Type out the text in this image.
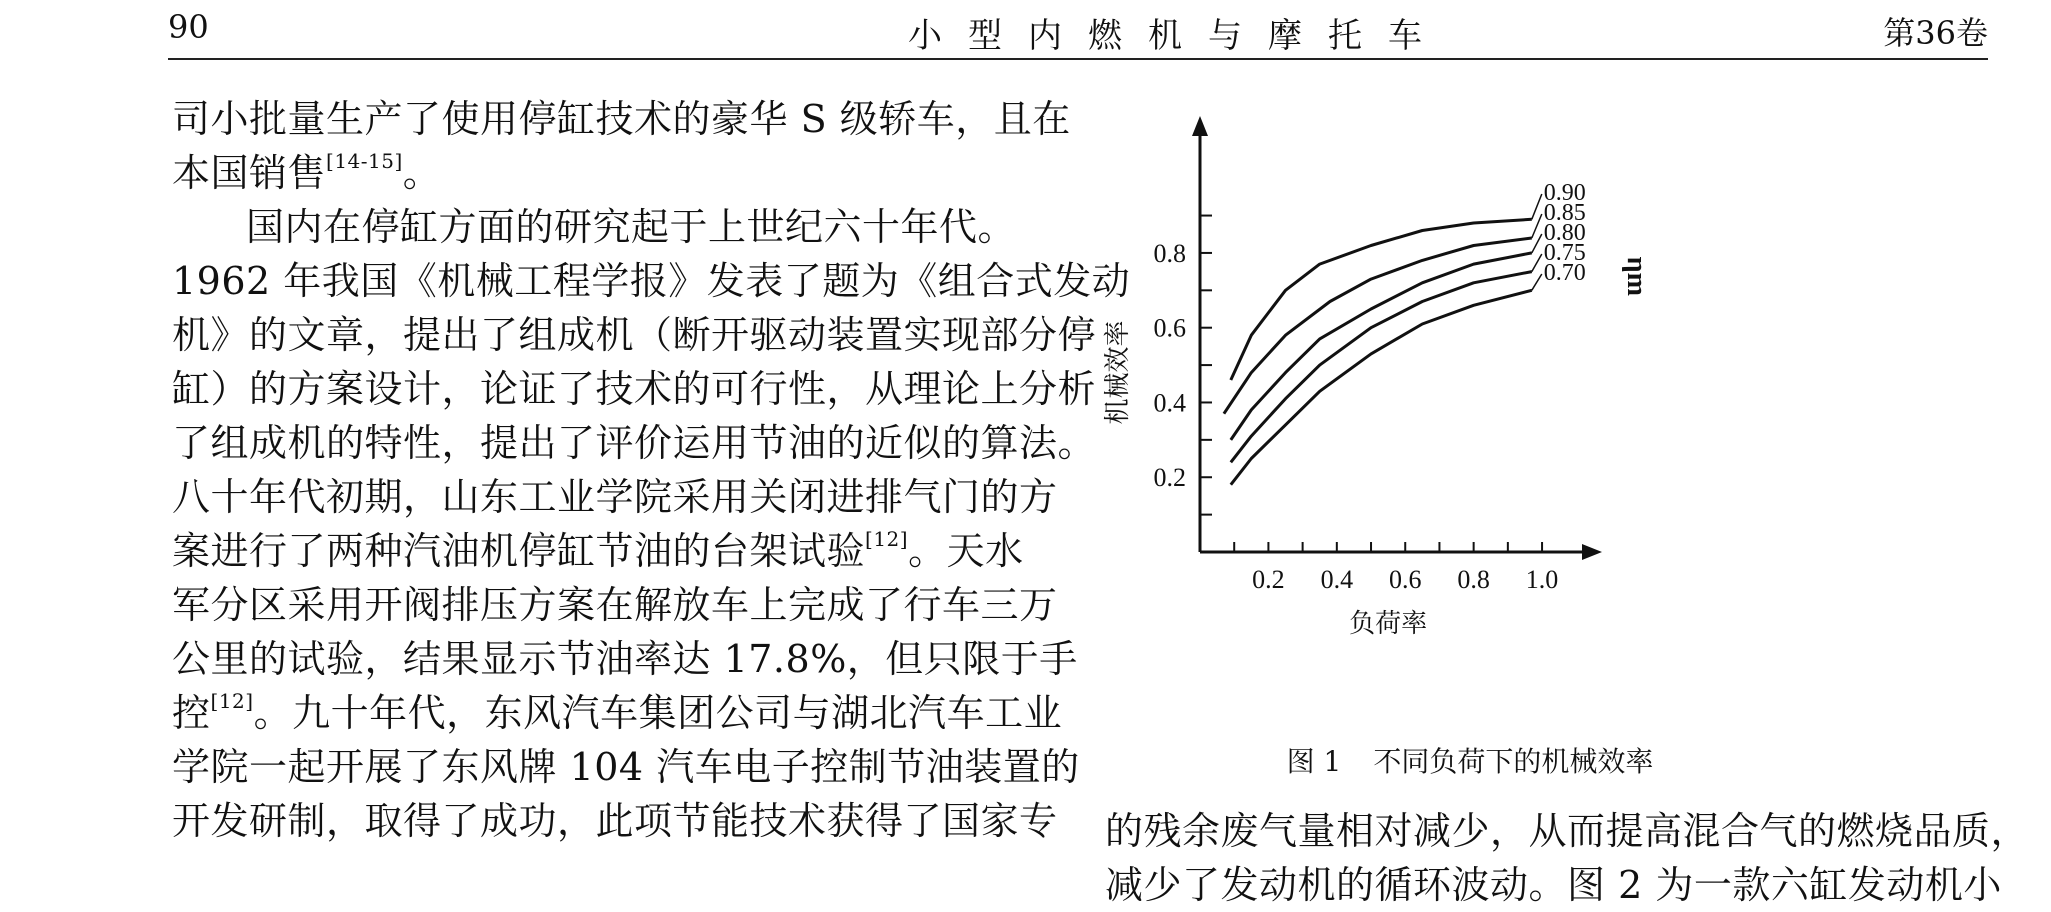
90	小型内燃机与摩托车	第36卷
司小批量生产了使用停缸技术的豪华 S 级轿车，且在
本国销售[14-15]。
国内在停缸方面的研究起于上世纪六十年代。
1962 年我国《机械工程学报》发表了题为《组合式发动
机》的文章，提出了组成机（断开驱动装置实现部分停
缸）的方案设计，论证了技术的可行性，从理论上分析
了组成机的特性，提出了评价运用节油的近似的算法。
八十年代初期，山东工业学院采用关闭进排气门的方
案进行了两种汽油机停缸节油的台架试验[12]。天水
军分区采用开阀排压方案在解放车上完成了行车三万
公里的试验，结果显示节油率达 17.8%，但只限于手
控[12]。九十年代，东风汽车集团公司与湖北汽车工业
学院一起开展了东风牌 104 汽车电子控制节油装置的
开发研制，取得了成功，此项节能技术获得了国家专
0.2 0.4 0.6 0.8 1.0
0.2
0.4
0.6
0.8
负荷率
机械效率
0.90
0.85
0.80
0.75
0.70 ηm
图 1 不同负荷下的机械效率
的残余废气量相对减少，从而提高混合气的燃烧品质，
减少了发动机的循环波动。图 2 为一款六缸发动机小
